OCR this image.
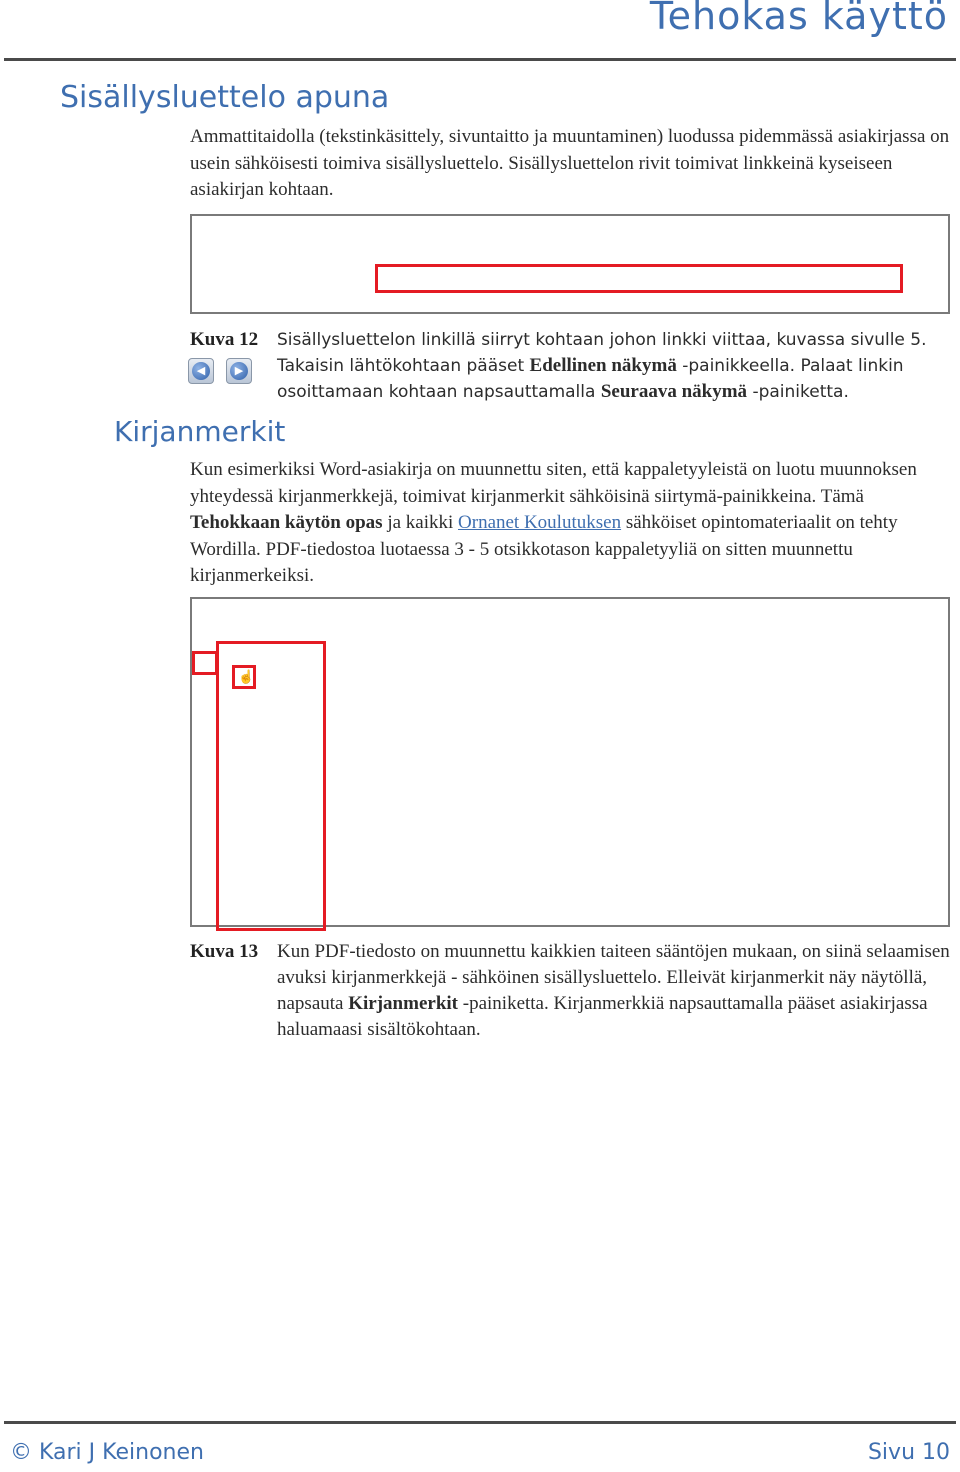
Tehokas käyttö
Sisällysluettelo apuna
Ammattitaidolla (tekstinkäsittely, sivuntaitto ja muuntaminen) luodussa pidemmässä asiakirjassa on usein sähköisesti toimiva sisällysluettelo. Sisällysluettelon rivit toimivat linkkeinä kyseiseen asiakirjan kohtaan.
Kuva 12 Sisällysluettelon linkillä siirryt kohtaan johon linkki viittaa, kuvassa sivulle 5. Takaisin lähtökohtaan pääset Edellinen näkymä -painikkeella. Palaat linkin osoittamaan kohtaan napsauttamalla Seuraava näkymä -painiketta.
◀	▶
Kirjanmerkit
Kun esimerkiksi Word-asiakirja on muunnettu siten, että kappaletyyleistä on luotu muunnoksen yhteydessä kirjanmerkkejä, toimivat kirjanmerkit sähköisinä siirtymä-painikkeina. Tämä Tehokkaan käytön opas ja kaikki Ornanet Koulutuksen sähköiset opintomateriaalit on tehty Wordilla. PDF-tiedostoa luotaessa 3 - 5 otsikkotason kappaletyyliä on sitten muunnettu kirjanmerkeiksi.
☝
Kuva 13 Kun PDF-tiedosto on muunnettu kaikkien taiteen sääntöjen mukaan, on siinä selaamisen avuksi kirjanmerkkejä - sähköinen sisällysluettelo. Elleivät kirjanmerkit näy näytöllä, napsauta Kirjanmerkit -painiketta. Kirjanmerkkiä napsauttamalla pääset asiakirjassa haluamaasi sisältökohtaan.
© Kari J Keinonen	Sivu 10
